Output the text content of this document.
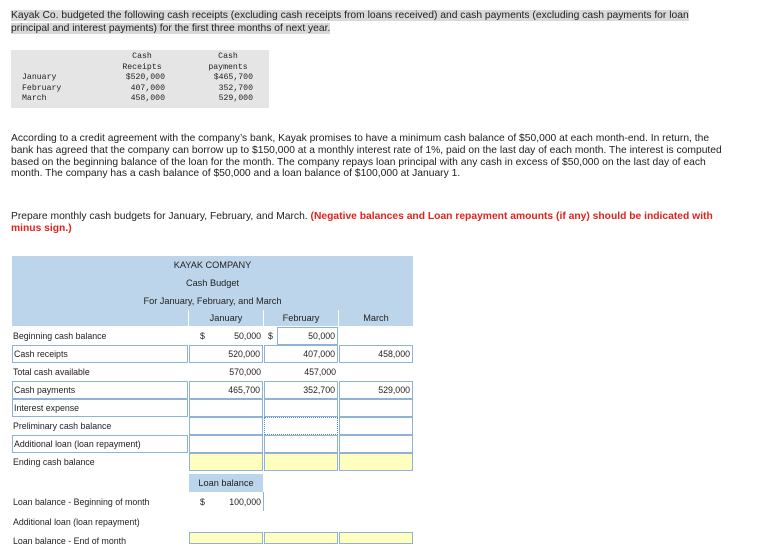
Kayak Co. budgeted the following cash receipts (excluding cash receipts from loans received) and cash payments (excluding cash payments for loan principal and interest payments) for the first three months of next year.
Cash
Receipts
Cash
payments
January	$520,000	$465,700
February	407,000	352,700
March	458,000	529,000
According to a credit agreement with the company’s bank, Kayak promises to have a minimum cash balance of $50,000 at each month-end. In return, the bank has agreed that the company can borrow up to $150,000 at a monthly interest rate of 1%, paid on the last day of each month. The interest is computed based on the beginning balance of the loan for the month. The company repays loan principal with any cash in excess of $50,000 on the last day of each month. The company has a cash balance of $50,000 and a loan balance of $100,000 at January 1.
Prepare monthly cash budgets for January, February, and March. (Negative balances and Loan repayment amounts (if any) should be indicated with minus sign.)
KAYAK COMPANY
Cash Budget
For January, February, and March
January	February	March
Beginning cash balance	$	50,000 $	50,000
Cash receipts	520,000	407,000	458,000
Total cash available	570,000	457,000
Cash payments	465,700	352,700	529,000
Interest expense
Preliminary cash balance
Additional loan (loan repayment)
Ending cash balance
Loan balance
Loan balance - Beginning of month	$	100,000
Additional loan (loan repayment)
Loan balance - End of month
